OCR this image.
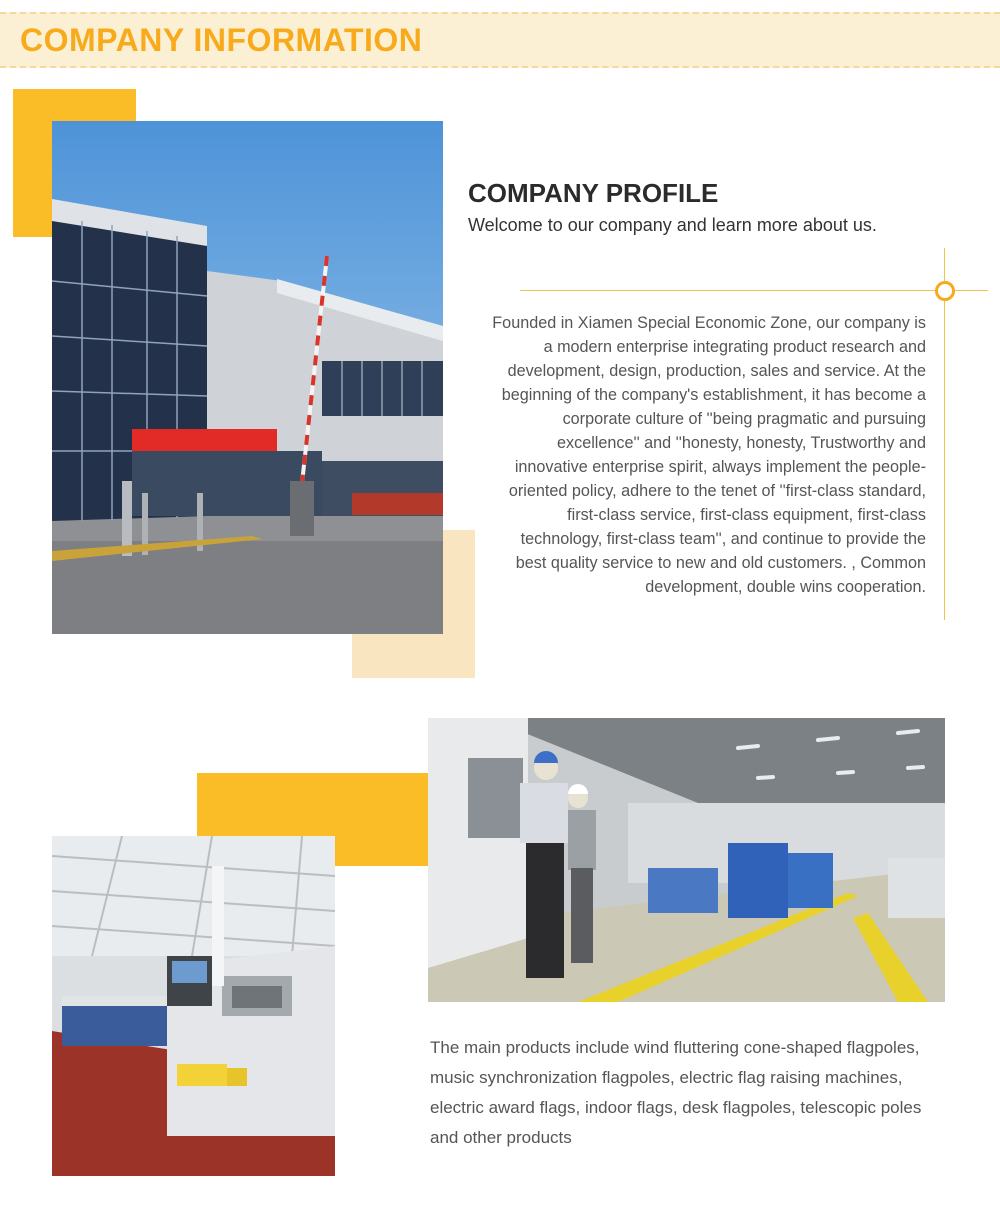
COMPANY INFORMATION
COMPANY PROFILE
Welcome to our company and learn more about us.

Founded in Xiamen Special Economic Zone, our company is a modern enterprise integrating product research and development, design, production, sales and service. At the beginning of the company's establishment, it has become a corporate culture of ''being pragmatic and pursuing excellence'' and ''honesty, honesty, Trustworthy and innovative enterprise spirit, always implement the people-oriented policy, adhere to the tenet of ''first-class standard, first-class service, first-class equipment, first-class technology, first-class team'', and continue to provide the best quality service to new and old customers. , Common development, double wins cooperation.

The main products include wind fluttering cone-shaped flagpoles, music synchronization flagpoles, electric flag raising machines, electric award flags, indoor flags, desk flagpoles, telescopic poles and other products
